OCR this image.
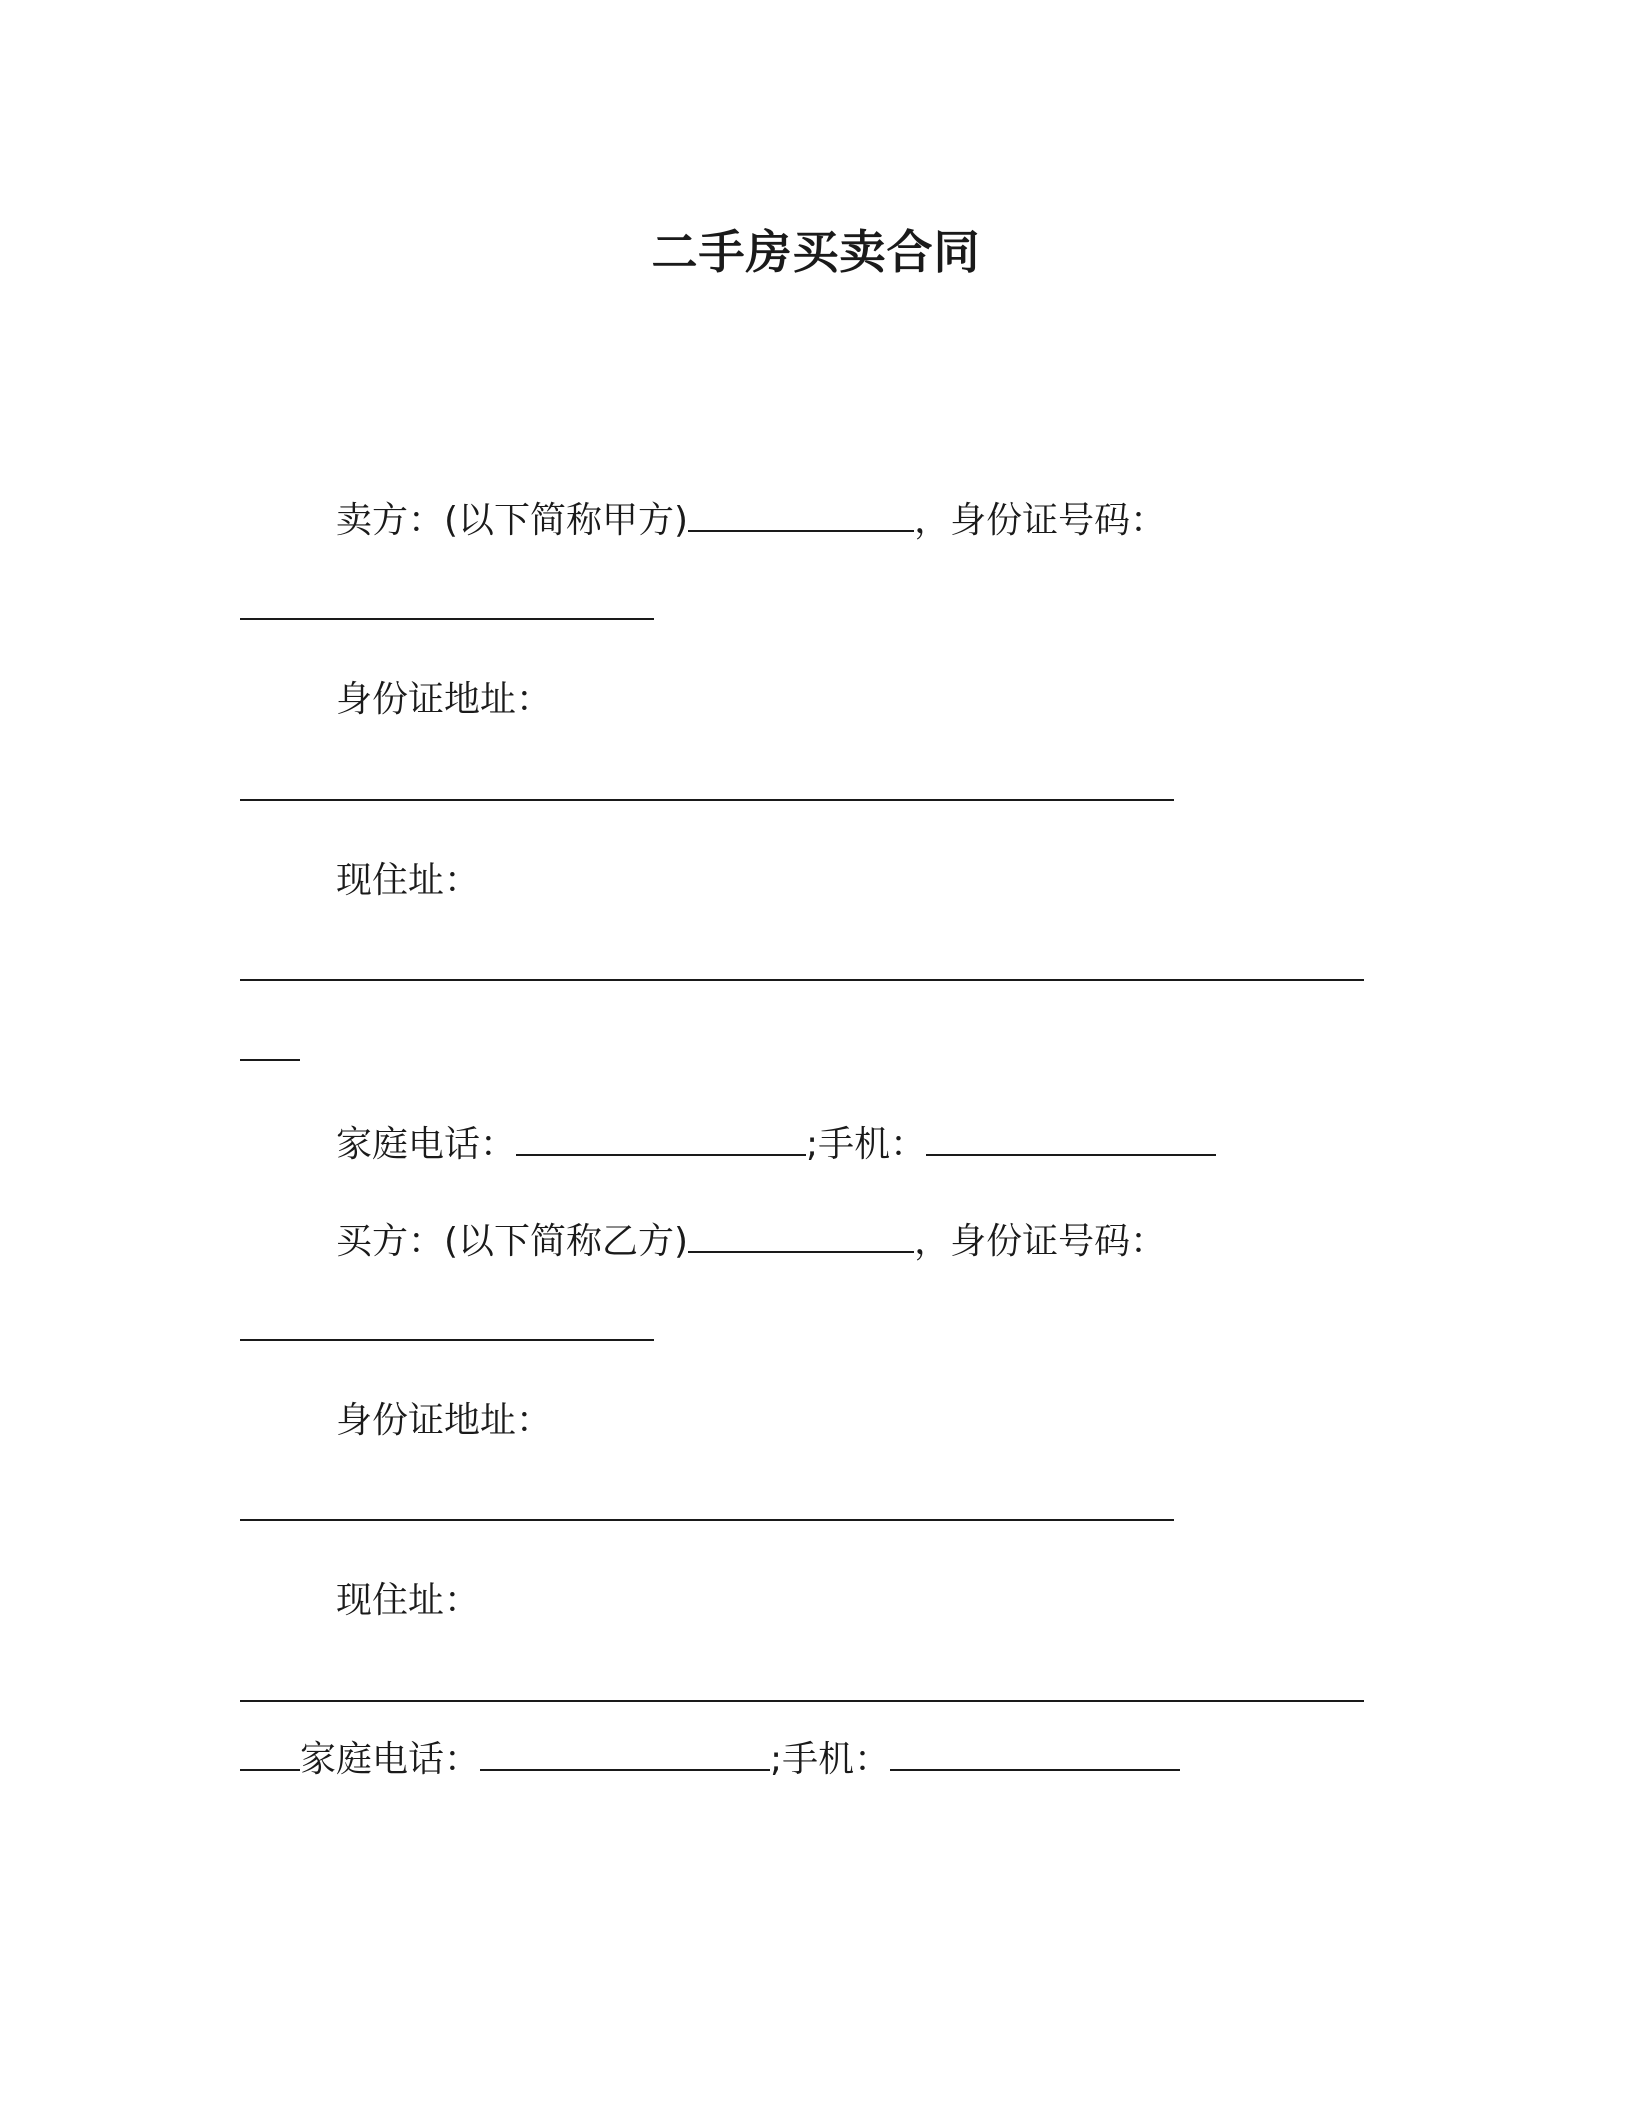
二手房买卖合同
卖方：(以下简称甲方)	，身份证号码：
身份证地址：
现住址：
家庭电话：	;手机：
买方：(以下简称乙方)	，身份证号码：
身份证地址：
现住址：
家庭电话：	;手机：
